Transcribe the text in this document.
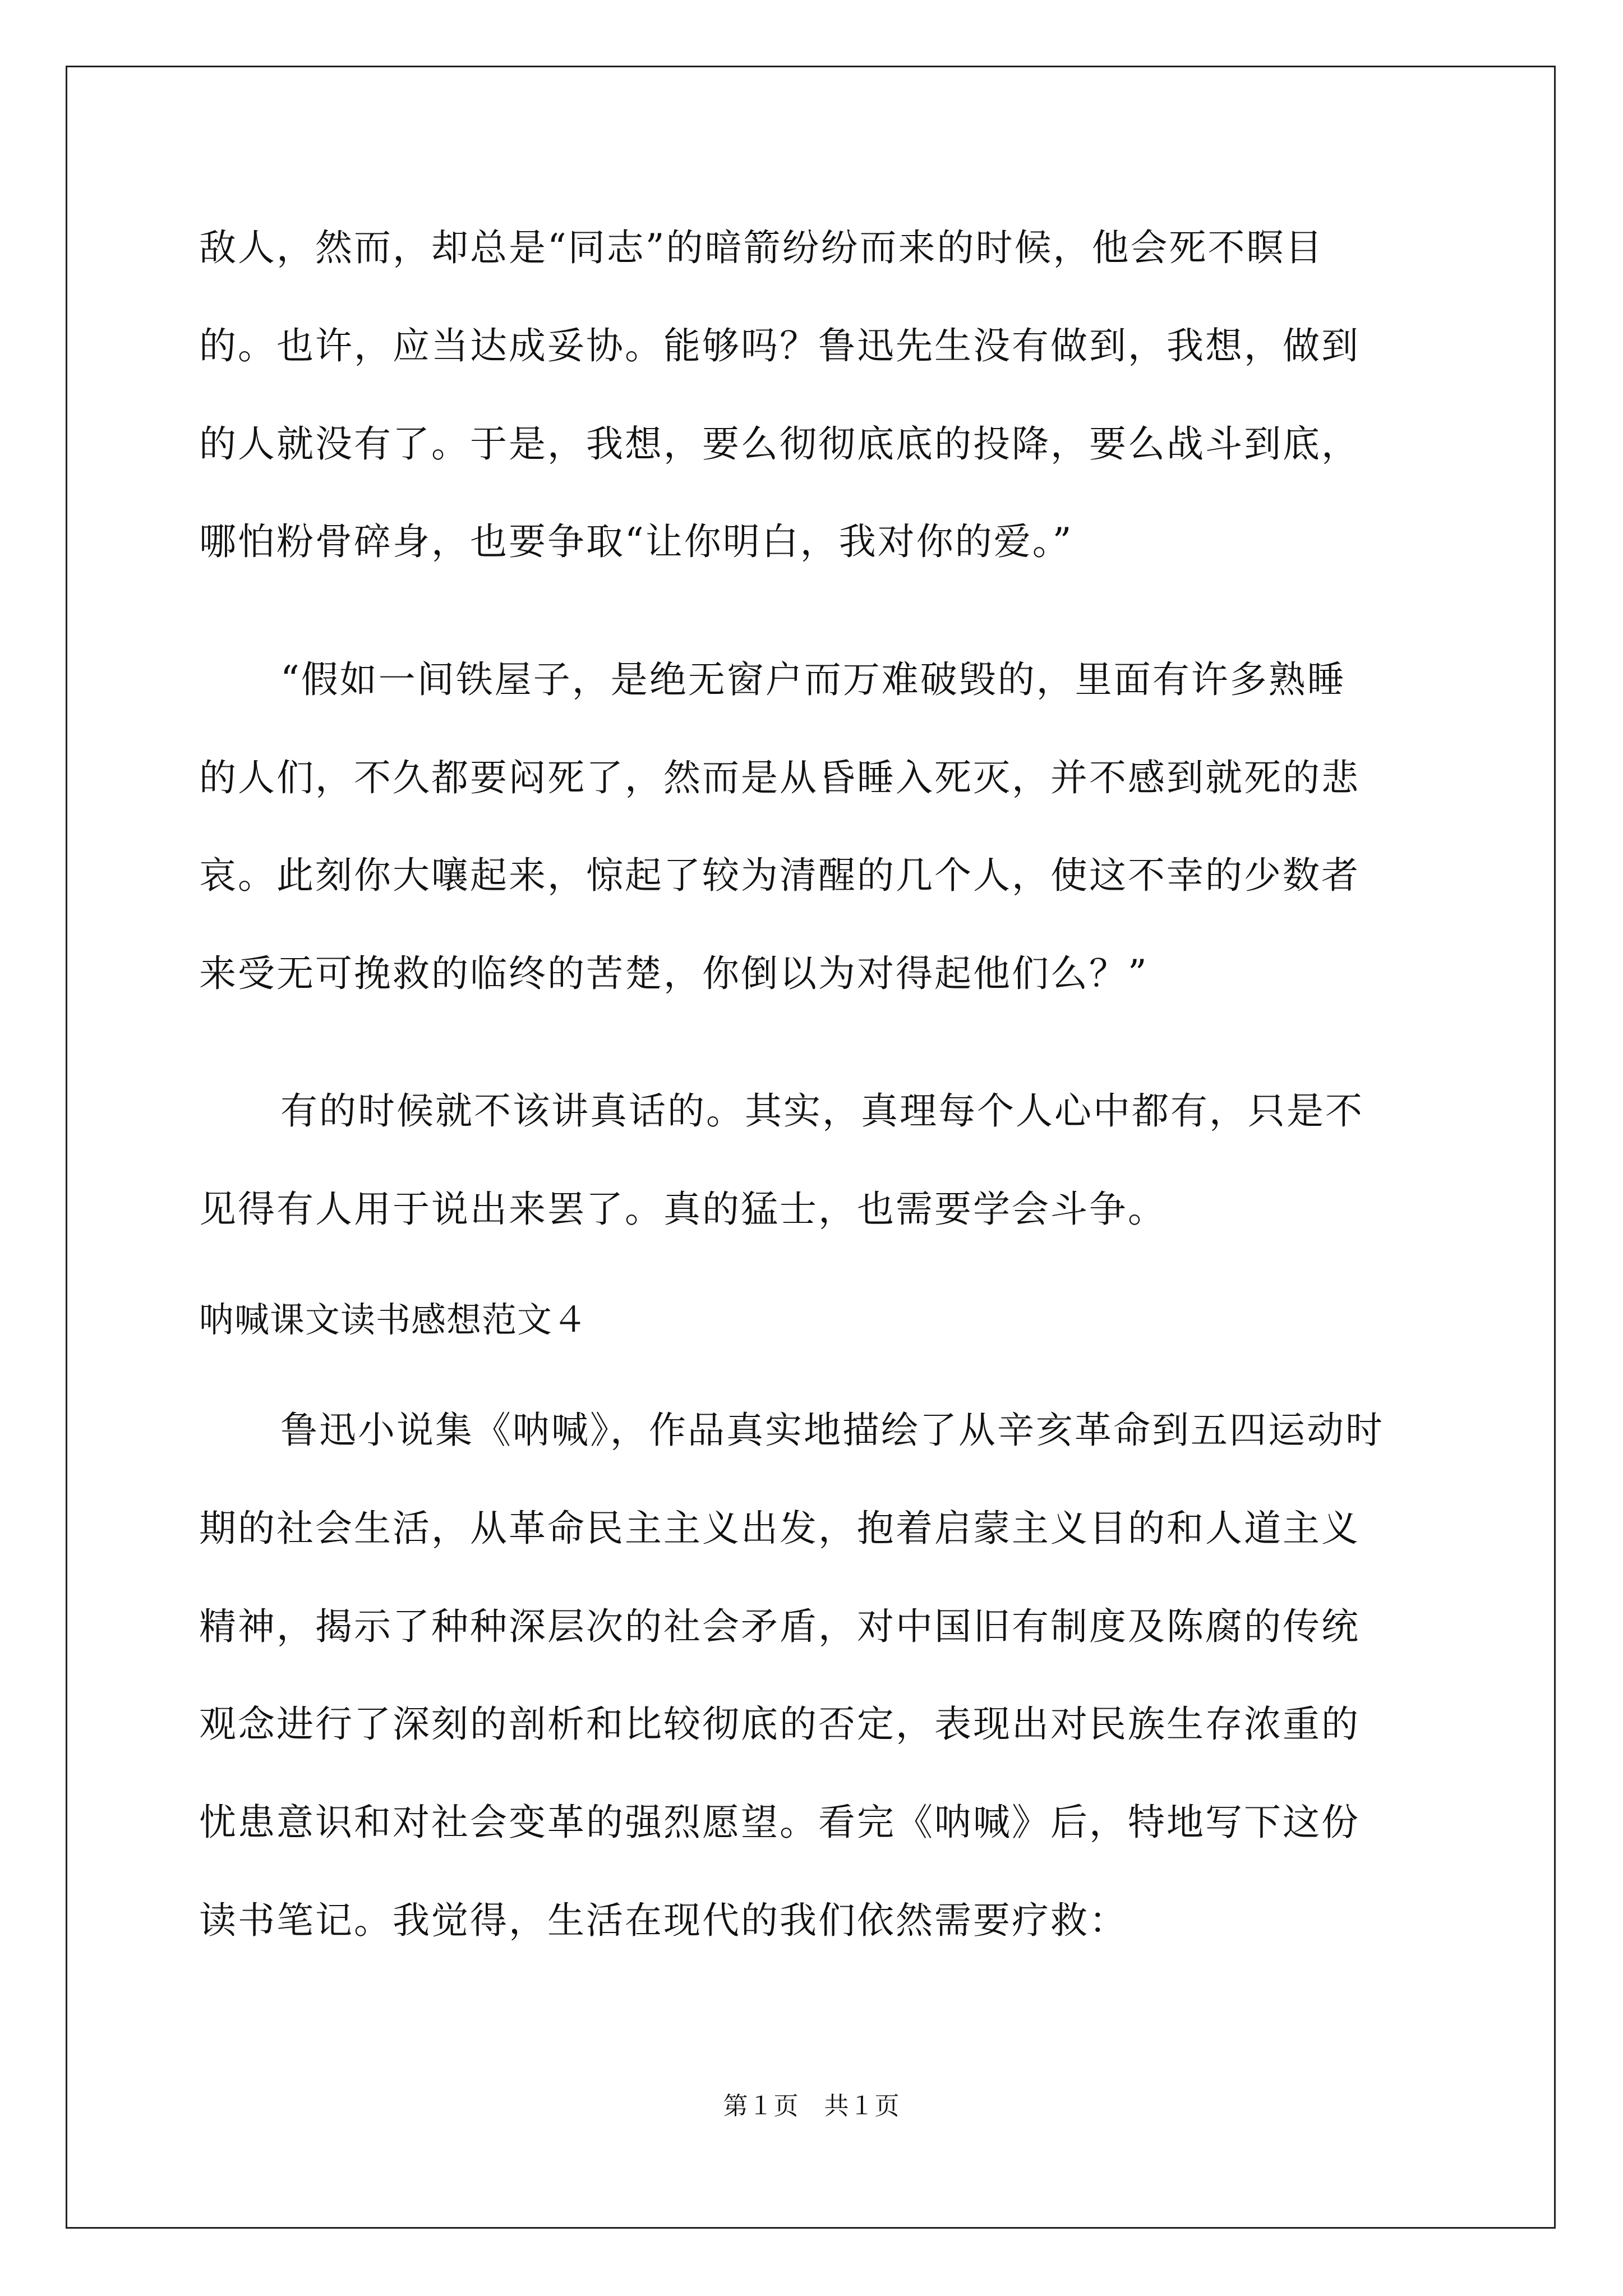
敌人，然而，却总是“同志”的暗箭纷纷而来的时候，他会死不瞑目
的。也许，应当达成妥协。能够吗？鲁迅先生没有做到，我想，做到
的人就没有了。于是，我想，要么彻彻底底的投降，要么战斗到底，
哪怕粉骨碎身，也要争取“让你明白，我对你的爱。”
“假如一间铁屋子，是绝无窗户而万难破毁的，里面有许多熟睡
的人们，不久都要闷死了，然而是从昏睡入死灭，并不感到就死的悲
哀。此刻你大嚷起来，惊起了较为清醒的几个人，使这不幸的少数者
来受无可挽救的临终的苦楚，你倒以为对得起他们么？”
有的时候就不该讲真话的。其实，真理每个人心中都有，只是不
见得有人用于说出来罢了。真的猛士，也需要学会斗争。
呐喊课文读书感想范文４
鲁迅小说集《呐喊》，作品真实地描绘了从辛亥革命到五四运动时
期的社会生活，从革命民主主义出发，抱着启蒙主义目的和人道主义
精神，揭示了种种深层次的社会矛盾，对中国旧有制度及陈腐的传统
观念进行了深刻的剖析和比较彻底的否定，表现出对民族生存浓重的
忧患意识和对社会变革的强烈愿望。看完《呐喊》后，特地写下这份
读书笔记。我觉得，生活在现代的我们依然需要疗救：
第１页　共１页
